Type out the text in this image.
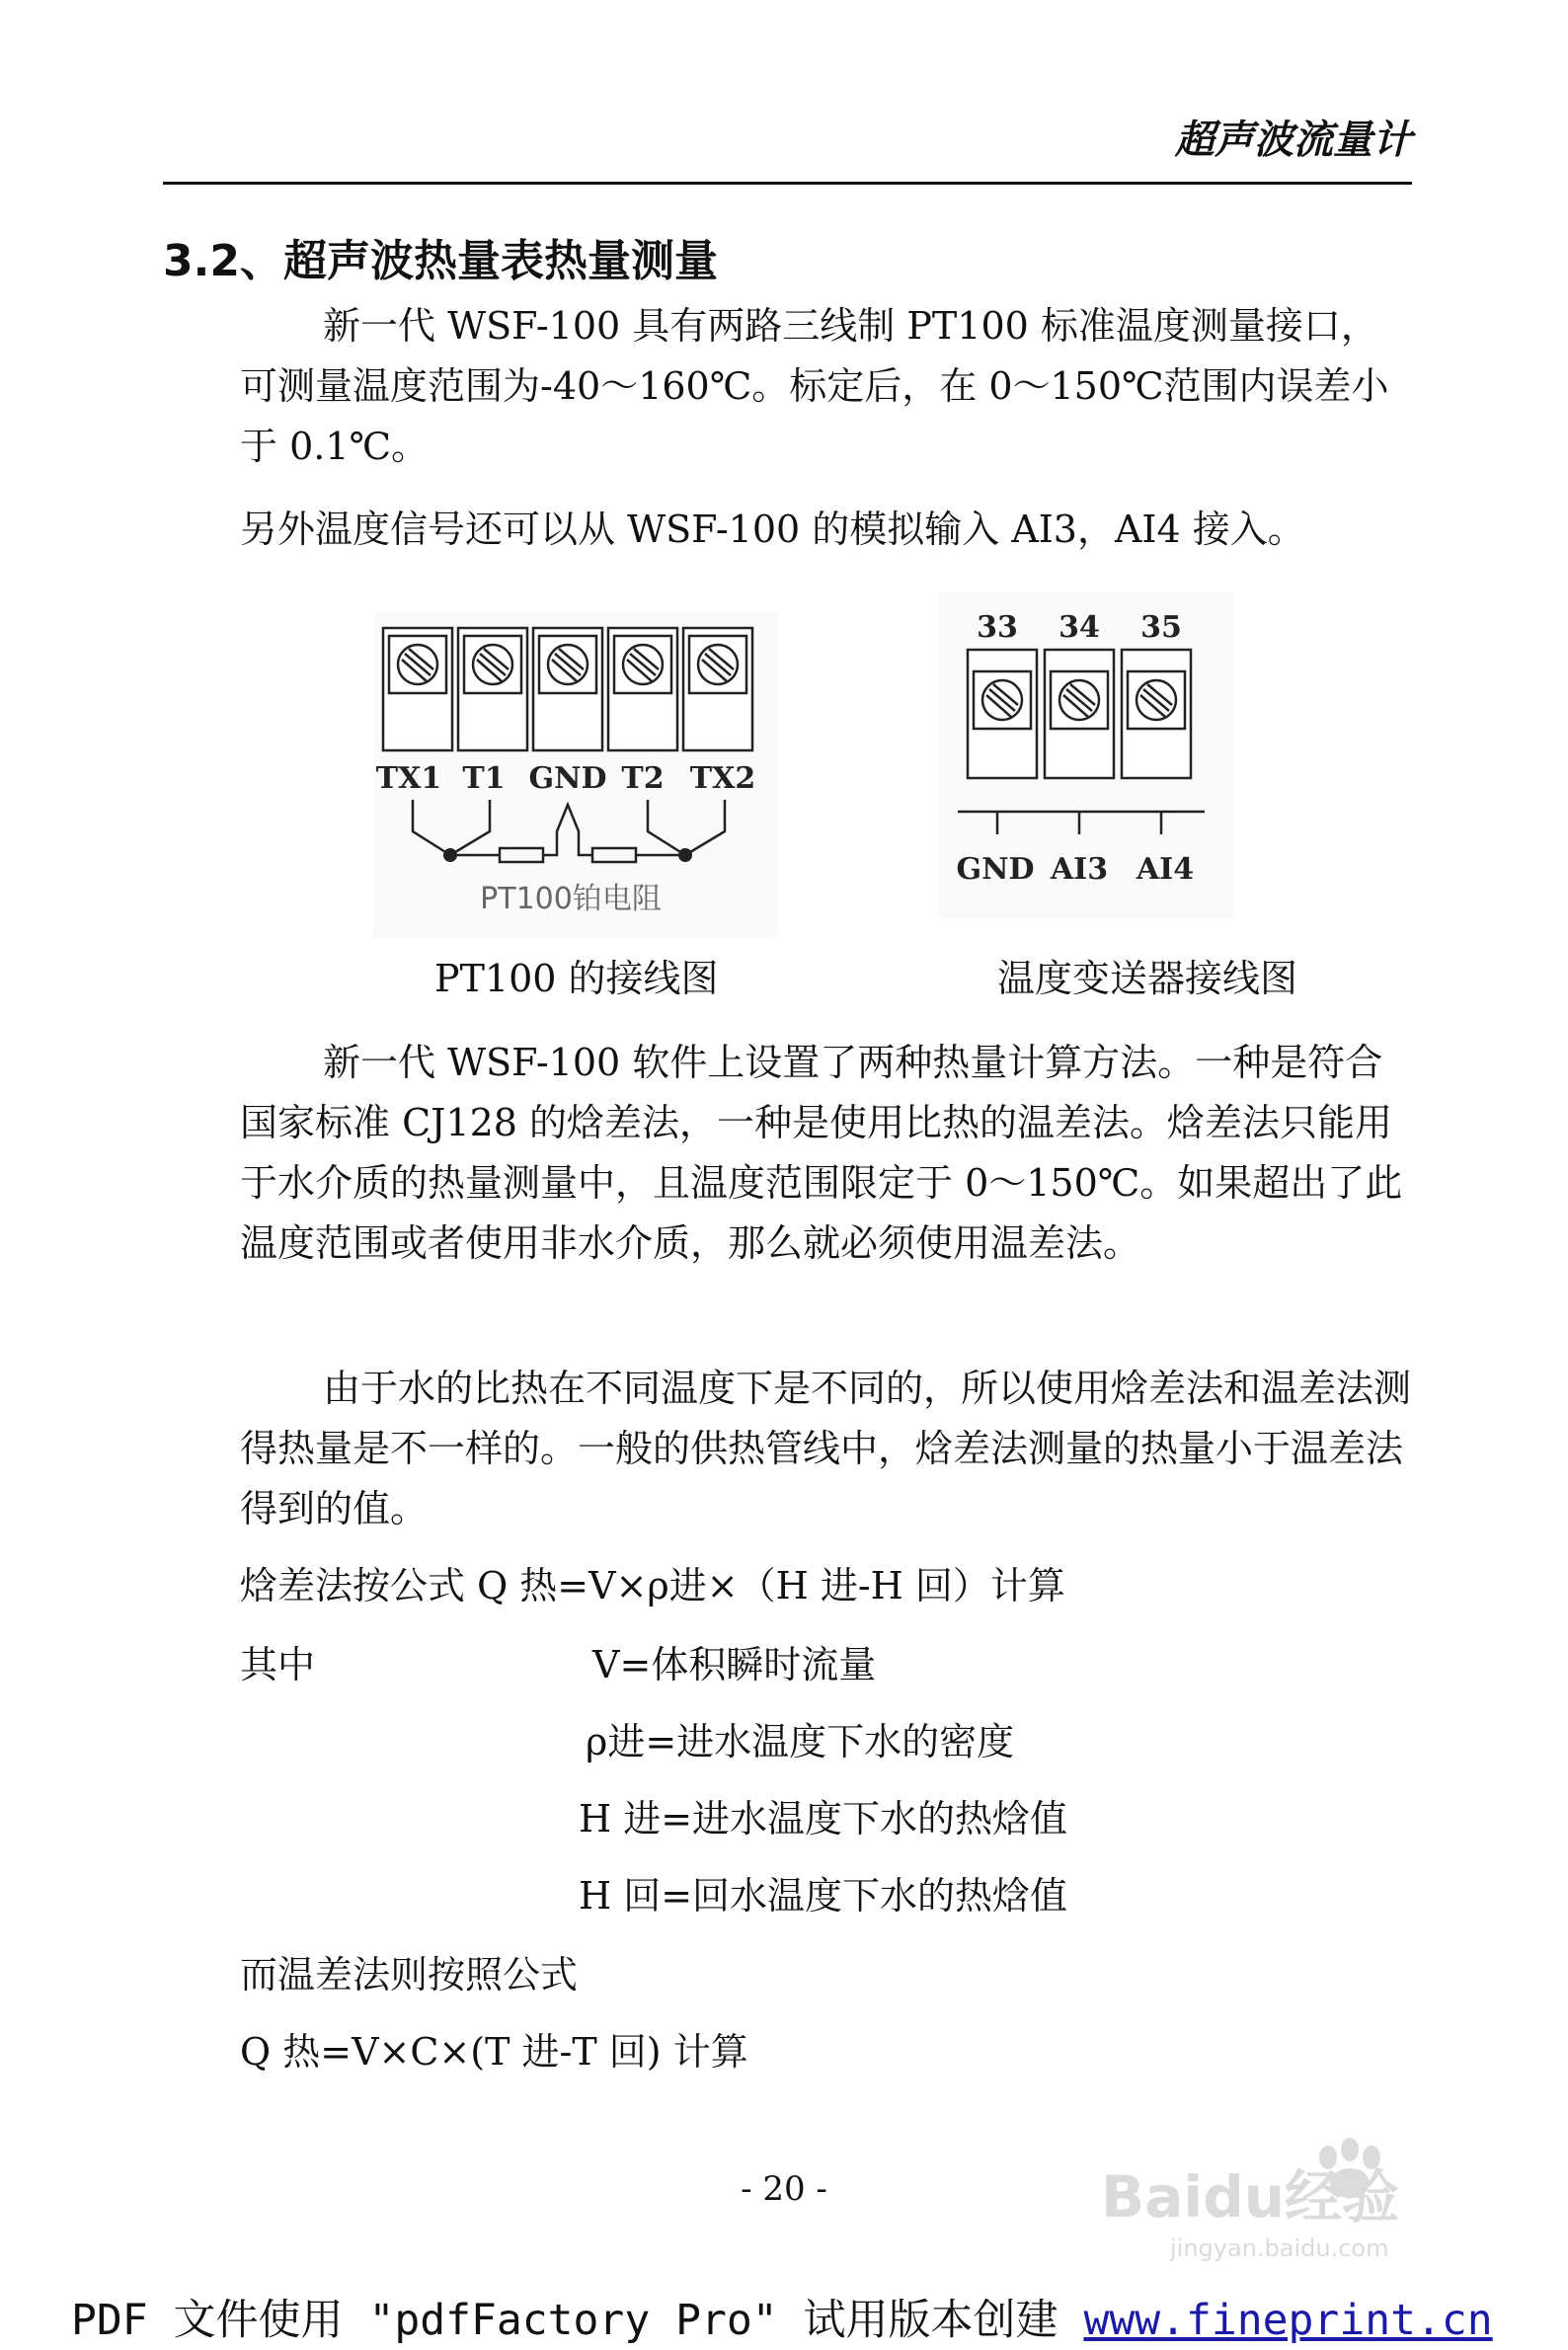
超声波流量计
3.2、超声波热量表热量测量

新一代 WSF-100 具有两路三线制 PT100 标准温度测量接口，可测量温度范围为-40～160℃。标定后，在 0～150℃范围内误差小于 0.1℃。

另外温度信号还可以从 WSF-100 的模拟输入 AI3，AI4 接入。

TX1 T1 GND T2 TX2
PT100铂电阻
PT100 的接线图
33 34 35
GND AI3 AI4
温度变送器接线图

新一代 WSF-100 软件上设置了两种热量计算方法。一种是符合国家标准 CJ128 的焓差法，一种是使用比热的温差法。焓差法只能用于水介质的热量测量中，且温度范围限定于 0～150℃。如果超出了此温度范围或者使用非水介质，那么就必须使用温差法。

由于水的比热在不同温度下是不同的，所以使用焓差法和温差法测得热量是不一样的。一般的供热管线中，焓差法测量的热量小于温差法得到的值。

焓差法按公式 Q 热=V×ρ进×（H 进-H 回）计算
其中	V=体积瞬时流量
ρ进=进水温度下水的密度
H 进=进水温度下水的热焓值
H 回=回水温度下水的热焓值
而温差法则按照公式
Q 热=V×C×(T 进-T 回) 计算
- 20 -	Baidu经验
jingyan.baidu.com
PDF 文件使用 "pdfFactory Pro" 试用版本创建 www.fineprint.cn
